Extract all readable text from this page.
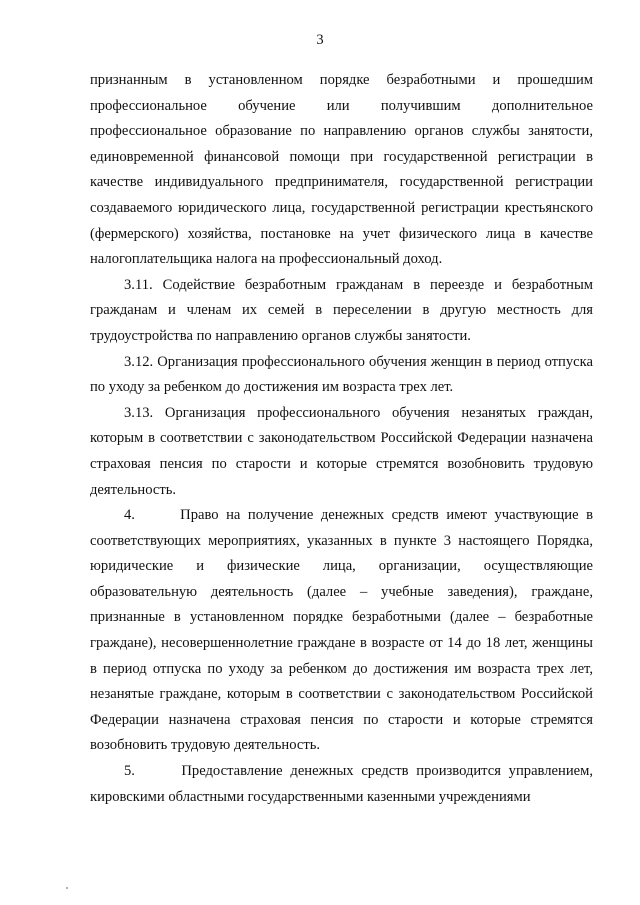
3

признанным в установленном порядке безработными и прошедшим профессиональное обучение или получившим дополнительное профессиональное образование по направлению органов службы занятости, единовременной финансовой помощи при государственной регистрации в качестве индивидуального предпринимателя, государственной регистрации создаваемого юридического лица, государственной регистрации крестьянского (фермерского) хозяйства, постановке на учет физического лица в качестве налогоплательщика налога на профессиональный доход.

3.11. Содействие безработным гражданам в переезде и безработным гражданам и членам их семей в переселении в другую местность для трудоустройства по направлению органов службы занятости.

3.12. Организация профессионального обучения женщин в период отпуска по уходу за ребенком до достижения им возраста трех лет.

3.13. Организация профессионального обучения незанятых граждан, которым в соответствии с законодательством Российской Федерации назначена страховая пенсия по старости и которые стремятся возобновить трудовую деятельность.

4.      Право на получение денежных средств имеют участвующие в соответствующих мероприятиях, указанных в пункте 3 настоящего Порядка, юридические и физические лица, организации, осуществляющие образовательную деятельность (далее – учебные заведения), граждане, признанные в установленном порядке безработными (далее – безработные граждане), несовершеннолетние граждане в возрасте от 14 до 18 лет, женщины в период отпуска по уходу за ребенком до достижения им возраста трех лет, незанятые граждане, которым в соответствии с законодательством Российской Федерации назначена страховая пенсия по старости и которые стремятся возобновить трудовую деятельность.

5.      Предоставление денежных средств производится управлением, кировскими областными государственными казенными учреждениями
